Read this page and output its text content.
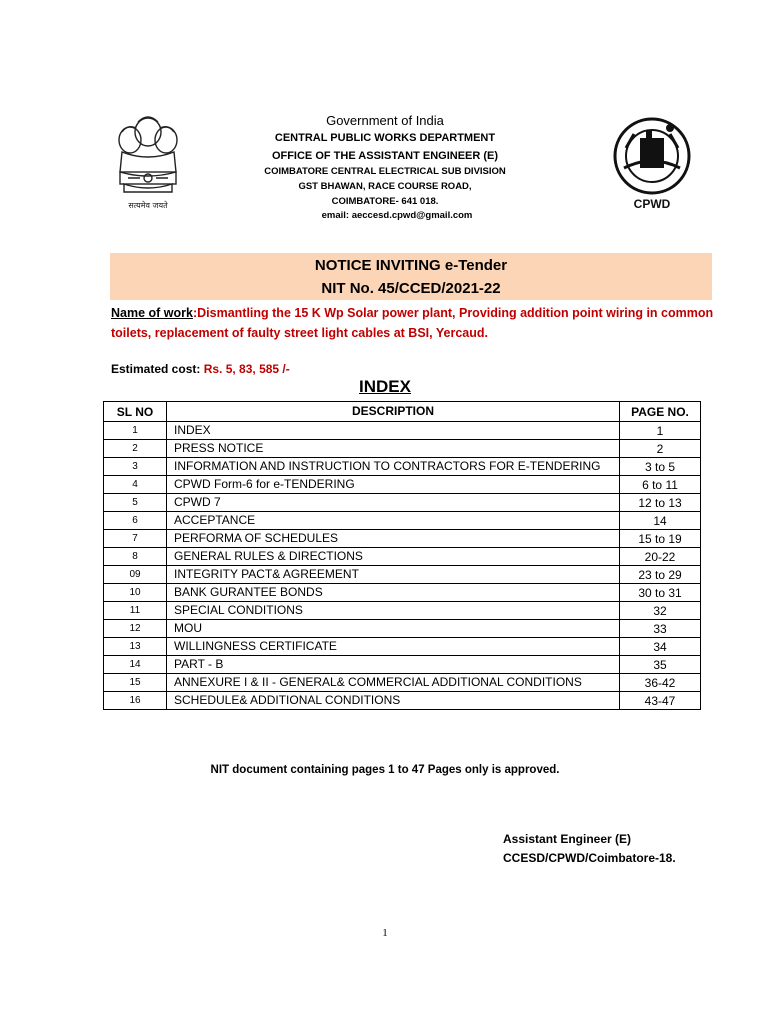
सत्यमेव जयते
Government of India
CENTRAL PUBLIC WORKS DEPARTMENT
OFFICE OF THE ASSISTANT ENGINEER (E)
COIMBATORE CENTRAL ELECTRICAL SUB DIVISION
GST BHAWAN, RACE COURSE ROAD,
COIMBATORE- 641 018.
email: aeccesd.cpwd@gmail.com
CPWD
NOTICE INVITING e-Tender
NIT No. 45/CCED/2021-22
Name of work:Dismantling the 15 K Wp Solar power plant, Providing addition point wiring in common toilets, replacement of faulty street light cables at BSI, Yercaud.
Estimated cost: Rs. 5, 83, 585 /-
INDEX
SL NO	DESCRIPTION	PAGE NO.
1	INDEX	1
2	PRESS NOTICE	2
3	INFORMATION AND INSTRUCTION TO CONTRACTORS FOR E-TENDERING	3 to 5
4	CPWD Form-6 for e-TENDERING	6 to 11
5	CPWD 7	12 to 13
6	ACCEPTANCE	14
7	PERFORMA OF SCHEDULES	15 to 19
8	GENERAL RULES & DIRECTIONS	20-22
09	INTEGRITY PACT& AGREEMENT	23 to 29
10	BANK GURANTEE BONDS	30 to 31
11	SPECIAL CONDITIONS	32
12	MOU	33
13	WILLINGNESS CERTIFICATE	34
14	PART - B	35
15	ANNEXURE I & II - GENERAL& COMMERCIAL ADDITIONAL CONDITIONS	36-42
16	SCHEDULE& ADDITIONAL CONDITIONS	43-47
NIT document containing pages 1 to 47 Pages only is approved.
Assistant Engineer (E)
CCESD/CPWD/Coimbatore-18.
1
